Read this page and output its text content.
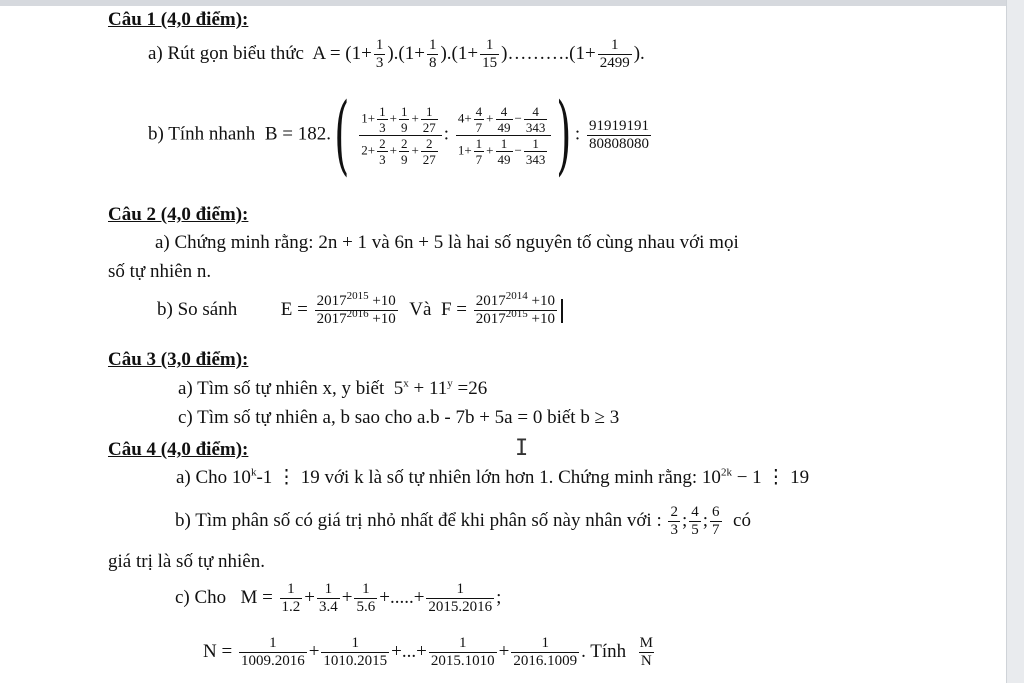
Câu 1 (4,0 điểm):
a) Rút gọn biểu thức $A = (1+ \frac{1}{3} ).(1+ \frac{1}{8} ).(1+ \frac{1}{15}$ )……….(1+ $\frac{1}{2499}$ ).
b) Tính nhanh $B = 182.( \frac{1+ \frac{1}{3} + \frac{1}{9} + \frac{1}{27}}{2+ \frac{2}{3} + \frac{2}{9} + \frac{2}{27}}$ : $\frac{4+ \frac{4}{7} + \frac{4}{49} - \frac{4}{343}}{1+ \frac{1}{7} + \frac{1}{49} - \frac{1}{343}}$ ) : $\frac{91919191}{80808080}$
Câu 2 (4,0 điểm):
a) Chứng minh rằng: 2n + 1 và 6n + 5 là hai số nguyên tố cùng nhau với mọi
số tự nhiên n.
b) So sánh $E = \frac{2017^{2015} +10}{2017^{2016} +10}$ Và $F = \frac{2017^{2014} +10}{2017^{2015} +10}$
Câu 3 (3,0 điểm):
a) Tìm số tự nhiên x, y biết $5^x + 11^y =26$
c) Tìm số tự nhiên a, b sao cho a.b - 7b + 5a = 0 biết b ≥ 3
I
Câu 4 (4,0 điểm):
a) Cho 10$^k$-1 ⋮ 19 với k là số tự nhiên lớn hơn 1. Chứng minh rằng: $10^{2k} - 1$ ⋮ 19
b) Tìm phân số có giá trị nhỏ nhất để khi phân số này nhân với : $\frac{2}{3}$ ; $\frac{4}{5}$ ; $\frac{6}{7}$ có
giá trị là số tự nhiên.
c) Cho $M = \frac{1}{1.2} + \frac{1}{3.4} + \frac{1}{5.6}$ +.....+ $\frac{1}{2015.2016}$ ;
$N = \frac{1}{1009.2016} + \frac{1}{1010.2015}$ +...+ $\frac{1}{2015.1010} + \frac{1}{2016.1009}$ . Tính $\frac{M}{N}$
